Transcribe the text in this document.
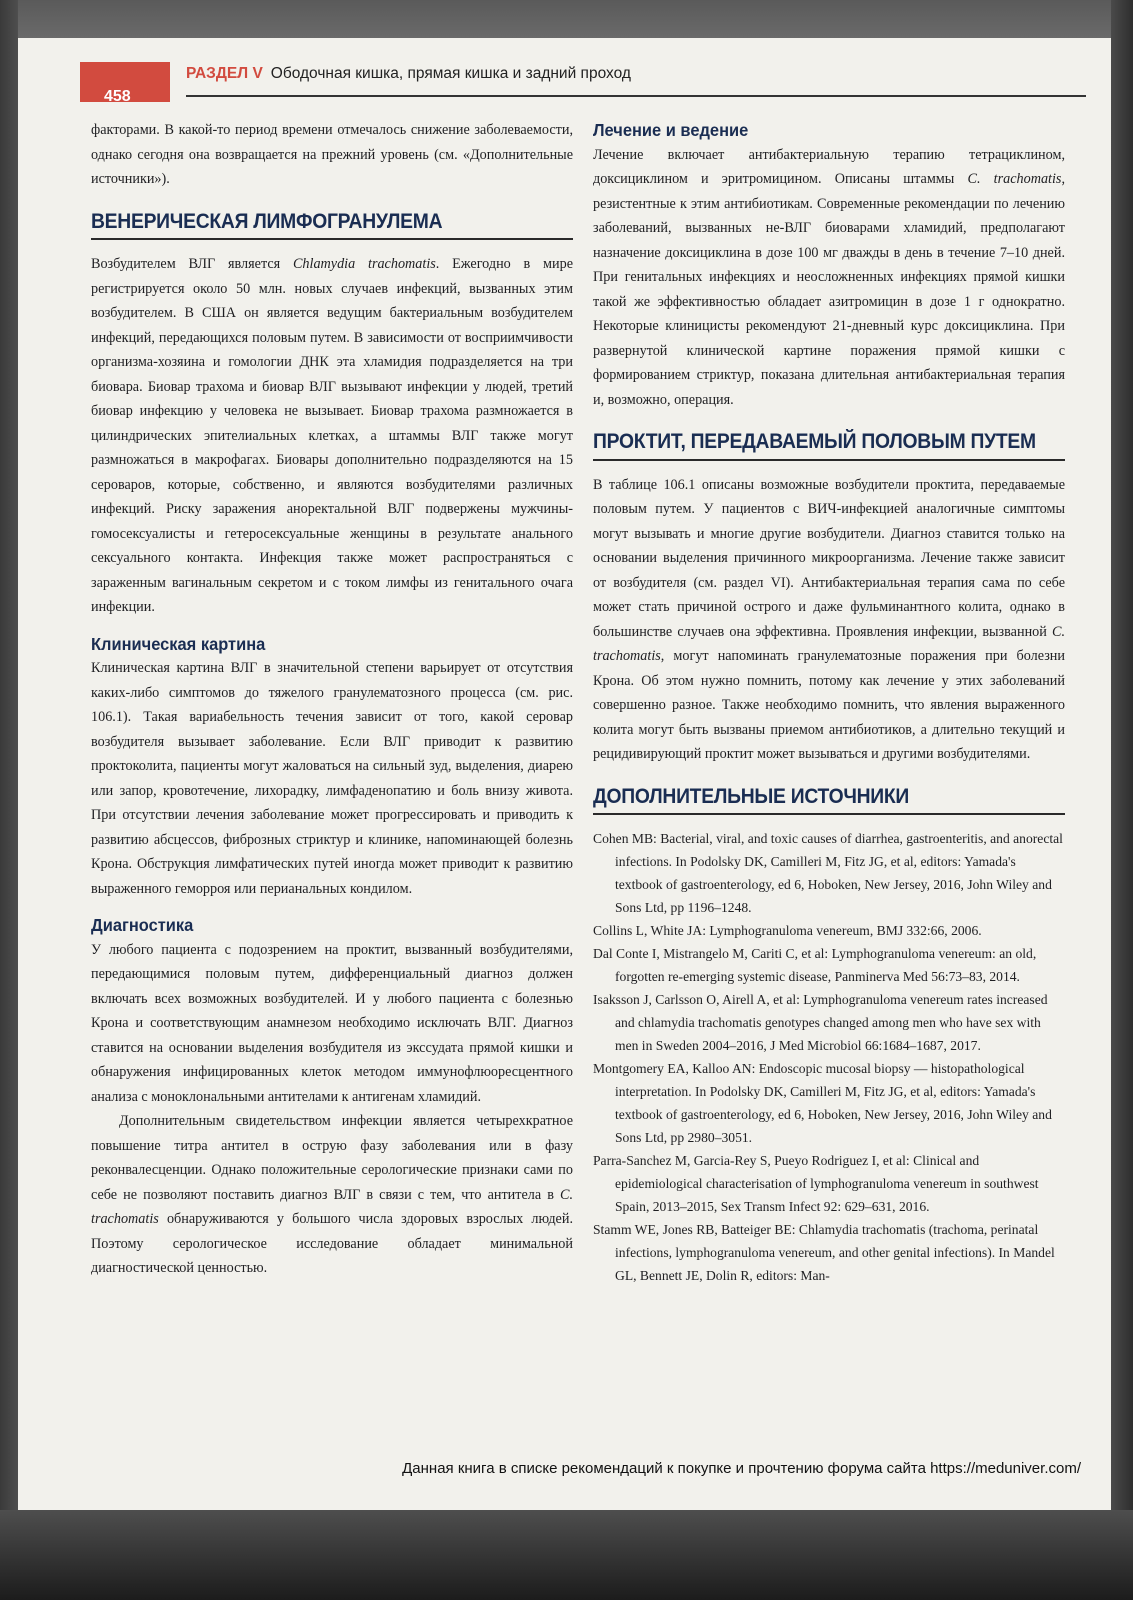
458
РАЗДЕЛ V Ободочная кишка, прямая кишка и задний проход

факторами. В какой-то период времени отмечалось снижение заболеваемости, однако сегодня она возвращается на прежний уровень (см. «Дополнительные источники»).

ВЕНЕРИЧЕСКАЯ ЛИМФОГРАНУЛЕМА

Возбудителем ВЛГ является Chlamydia trachomatis. Ежегодно в мире регистрируется около 50 млн. новых случаев инфекций, вызванных этим возбудителем. В США он является ведущим бактериальным возбудителем инфекций, передающихся половым путем. В зависимости от восприимчивости организма-хозяина и гомологии ДНК эта хламидия подразделяется на три биовара. Биовар трахома и биовар ВЛГ вызывают инфекции у людей, третий биовар инфекцию у человека не вызывает. Биовар трахома размножается в цилиндрических эпителиальных клетках, а штаммы ВЛГ также могут размножаться в макрофагах. Биовары дополнительно подразделяются на 15 сероваров, которые, собственно, и являются возбудителями различных инфекций. Риску заражения аноректальной ВЛГ подвержены мужчины-гомосексуалисты и гетеросексуальные женщины в результате анального сексуального контакта. Инфекция также может распространяться с зараженным вагинальным секретом и с током лимфы из генитального очага инфекции.

Клиническая картина

Клиническая картина ВЛГ в значительной степени варьирует от отсутствия каких-либо симптомов до тяжелого гранулематозного процесса (см. рис. 106.1). Такая вариабельность течения зависит от того, какой серовар возбудителя вызывает заболевание. Если ВЛГ приводит к развитию проктоколита, пациенты могут жаловаться на сильный зуд, выделения, диарею или запор, кровотечение, лихорадку, лимфаденопатию и боль внизу живота. При отсутствии лечения заболевание может прогрессировать и приводить к развитию абсцессов, фиброзных стриктур и клинике, напоминающей болезнь Крона. Обструкция лимфатических путей иногда может приводит к развитию выраженного геморроя или перианальных кондилом.

Диагностика

У любого пациента с подозрением на проктит, вызванный возбудителями, передающимися половым путем, дифференциальный диагноз должен включать всех возможных возбудителей. И у любого пациента с болезнью Крона и соответствующим анамнезом необходимо исключать ВЛГ. Диагноз ставится на основании выделения возбудителя из экссудата прямой кишки и обнаружения инфицированных клеток методом иммунофлюоресцентного анализа с моноклональными антителами к антигенам хламидий.

Дополнительным свидетельством инфекции является четырехкратное повышение титра антител в острую фазу заболевания или в фазу реконвалесценции. Однако положительные серологические признаки сами по себе не позволяют поставить диагноз ВЛГ в связи с тем, что антитела в C. trachomatis обнаруживаются у большого числа здоровых взрослых людей. Поэтому серологическое исследование обладает минимальной диагностической ценностью.

Лечение и ведение

Лечение включает антибактериальную терапию тетрациклином, доксициклином и эритромицином. Описаны штаммы C. trachomatis, резистентные к этим антибиотикам. Современные рекомендации по лечению заболеваний, вызванных не-ВЛГ биоварами хламидий, предполагают назначение доксициклина в дозе 100 мг дважды в день в течение 7–10 дней. При генитальных инфекциях и неосложненных инфекциях прямой кишки такой же эффективностью обладает азитромицин в дозе 1 г однократно. Некоторые клиницисты рекомендуют 21-дневный курс доксициклина. При развернутой клинической картине поражения прямой кишки с формированием стриктур, показана длительная антибактериальная терапия и, возможно, операция.

ПРОКТИТ, ПЕРЕДАВАЕМЫЙ ПОЛОВЫМ ПУТЕМ

В таблице 106.1 описаны возможные возбудители проктита, передаваемые половым путем. У пациентов с ВИЧ-инфекцией аналогичные симптомы могут вызывать и многие другие возбудители. Диагноз ставится только на основании выделения причинного микроорганизма. Лечение также зависит от возбудителя (см. раздел VI). Антибактериальная терапия сама по себе может стать причиной острого и даже фульминантного колита, однако в большинстве случаев она эффективна. Проявления инфекции, вызванной C. trachomatis, могут напоминать гранулематозные поражения при болезни Крона. Об этом нужно помнить, потому как лечение у этих заболеваний совершенно разное. Также необходимо помнить, что явления выраженного колита могут быть вызваны приемом антибиотиков, а длительно текущий и рецидивирующий проктит может вызываться и другими возбудителями.

ДОПОЛНИТЕЛЬНЫЕ ИСТОЧНИКИ

Cohen MB: Bacterial, viral, and toxic causes of diarrhea, gastroenteritis, and anorectal infections. In Podolsky DK, Camilleri M, Fitz JG, et al, editors: Yamada's textbook of gastroenterology, ed 6, Hoboken, New Jersey, 2016, John Wiley and Sons Ltd, pp 1196–1248.

Collins L, White JA: Lymphogranuloma venereum, BMJ 332:66, 2006.

Dal Conte I, Mistrangelo M, Cariti C, et al: Lymphogranuloma venereum: an old, forgotten re-emerging systemic disease, Panminerva Med 56:73–83, 2014.

Isaksson J, Carlsson O, Airell A, et al: Lymphogranuloma venereum rates increased and chlamydia trachomatis genotypes changed among men who have sex with men in Sweden 2004–2016, J Med Microbiol 66:1684–1687, 2017.

Montgomery EA, Kalloo AN: Endoscopic mucosal biopsy — histopathological interpretation. In Podolsky DK, Camilleri M, Fitz JG, et al, editors: Yamada's textbook of gastroenterology, ed 6, Hoboken, New Jersey, 2016, John Wiley and Sons Ltd, pp 2980–3051.

Parra-Sanchez M, Garcia-Rey S, Pueyo Rodriguez I, et al: Clinical and epidemiological characterisation of lymphogranuloma venereum in southwest Spain, 2013–2015, Sex Transm Infect 92: 629–631, 2016.

Stamm WE, Jones RB, Batteiger BE: Chlamydia trachomatis (trachoma, perinatal infections, lymphogranuloma venereum, and other genital infections). In Mandel GL, Bennett JE, Dolin R, editors: Man-

Данная книга в списке рекомендаций к покупке и прочтению форума сайта https://meduniver.com/
